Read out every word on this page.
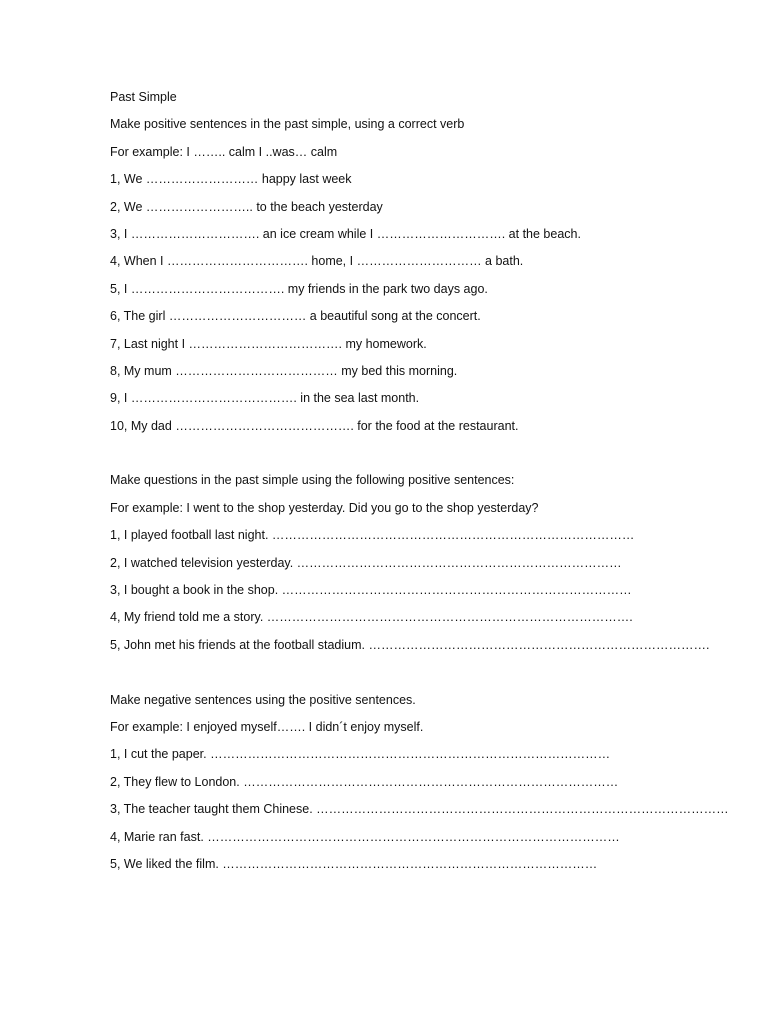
Past Simple
Make positive sentences in the past simple, using a correct verb
For example: I …….. calm I ..was… calm
1, We ……………………… happy last week
2, We …………………….. to the beach yesterday
3, I …………………………. an ice cream while I …………………………. at the beach.
4, When I ……………………………. home, I ………………………… a bath.
5, I ………………………………. my friends in the park two days ago.
6, The girl …………………………… a beautiful song at the concert.
7, Last night I ………………………………. my homework.
8, My mum ………………………………… my bed this morning.
9, I …………………………………. in the sea last month.
10, My dad ……………………………………. for the food at the restaurant.
Make questions in the past simple using the following positive sentences:
For example: I went to the shop yesterday. Did you go to the shop yesterday?
1, I played football last night. ……………………………………………………………………………
2, I watched television yesterday. ……………………………………………………………………
3, I bought a book in the shop. …………………………………………………………………………
4, My friend told me a story. …………………………………………………………………………….
5, John met his friends at the football stadium. ……………………………………………………………………….
Make negative sentences using the positive sentences.
For example: I enjoyed myself……. I didn´t enjoy myself.
1, I cut the paper. ……………………………………………………………………………………
2, They flew to London. ………………………………………………………………………………
3, The teacher taught them Chinese. ………………………………………………………………………………………
4, Marie ran fast. ………………………………………………………………………………………
5, We liked the film. ………………………………………………………………………………
